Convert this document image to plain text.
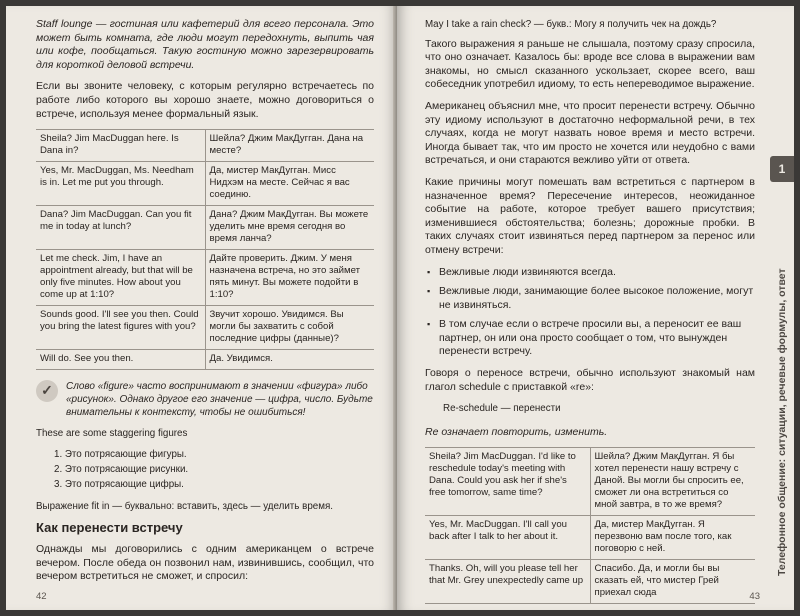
Staff lounge — гостиная или кафетерий для всего персонала. Это может быть комната, где люди могут передохнуть, выпить чая или кофе, пообщаться. Такую гостиную можно зарезервировать для короткой деловой встречи.

Если вы звоните человеку, с которым регулярно встречаетесь по работе либо которого вы хорошо знаете, можно договориться о встрече, используя менее формальный язык.

Sheila? Jim MacDuggan here. Is Dana in?	Шейла? Джим МакДугган. Дана на месте?
Yes, Mr. MacDuggan, Ms. Needham is in. Let me put you through.	Да, мистер МакДугган. Мисс Нидхэм на месте. Сейчас я вас соединю.
Dana? Jim MacDuggan. Can you fit me in today at lunch?	Дана? Джим МакДугган. Вы можете уделить мне время сегодня во время ланча?
Let me check. Jim, I have an appointment already, but that will be only five minutes. How about you come up at 1:10?	Дайте проверить. Джим. У меня назначена встреча, но это займет пять минут. Вы можете подойти в 1:10?
Sounds good. I'll see you then. Could you bring the latest figures with you?	Звучит хорошо. Увидимся. Вы могли бы захватить с собой последние цифры (данные)?
Will do. See you then.	Да. Увидимся.
✓	Слово «figure» часто воспринимают в значении «фигура» либо «рисунок». Однако другое его значение — цифра, число. Будьте внимательны к контексту, чтобы не ошибиться!

These are some staggering figures

1. Это потрясающие фигуры.
2. Это потрясающие рисунки.
3. Это потрясающие цифры.

Выражение fit in — буквально: вставить, здесь — уделить время.

Как перенести встречу

Однажды мы договорились с одним американцем о встрече вечером. После обеда он позвонил нам, извинившись, сообщил, что вечером встретиться не сможет, и спросил:

42

May I take a rain check? — букв.: Могу я получить чек на дождь?

Такого выражения я раньше не слышала, поэтому сразу спросила, что оно означает. Казалось бы: вроде все слова в выражении вам знакомы, но смысл сказанного ускользает, скорее всего, ваш собеседник употребил идиому, то есть непереводимое выражение.

Американец объяснил мне, что просит перенести встречу. Обычно эту идиому используют в достаточно неформальной речи, в тех случаях, когда не могут назвать новое время и место встречи. Иногда бывает так, что им просто не хочется или неудобно с вами встречаться, и они стараются вежливо уйти от ответа.

Какие причины могут помешать вам встретиться с партнером в назначенное время? Пересечение интересов, неожиданное событие на работе, которое требует вашего присутствия; изменившиеся обстоятельства; болезнь; дорожные пробки. В таких случаях стоит извиняться перед партнером за перенос или отмену встречи:

▪ Вежливые люди извиняются всегда.
▪ Вежливые люди, занимающие более высокое положение, могут не извиняться.
▪ В том случае если о встрече просили вы, а переносит ее ваш партнер, он или она просто сообщает о том, что вынужден перенести встречу.

Говоря о переносе встречи, обычно используют знакомый нам глагол schedule с приставкой «re»:

Re-schedule — перенести

Re означает повторить, изменить.

Sheila? Jim MacDuggan. I'd like to reschedule today's meeting with Dana. Could you ask her if she's free tomorrow, same time?	Шейла? Джим МакДугган. Я бы хотел перенести нашу встречу с Даной. Вы могли бы спросить ее, сможет ли она встретиться со мной завтра, в то же время?
Yes, Mr. MacDuggan. I'll call you back after I talk to her about it.	Да, мистер МакДугган. Я перезвоню вам после того, как поговорю с ней.
Thanks. Oh, will you please tell her that Mr. Grey unexpectedly came up	Спасибо. Да, и могли бы вы сказать ей, что мистер Грей приехал сюда
1
Телефонное общение: ситуации, речевые формулы, ответ
43
